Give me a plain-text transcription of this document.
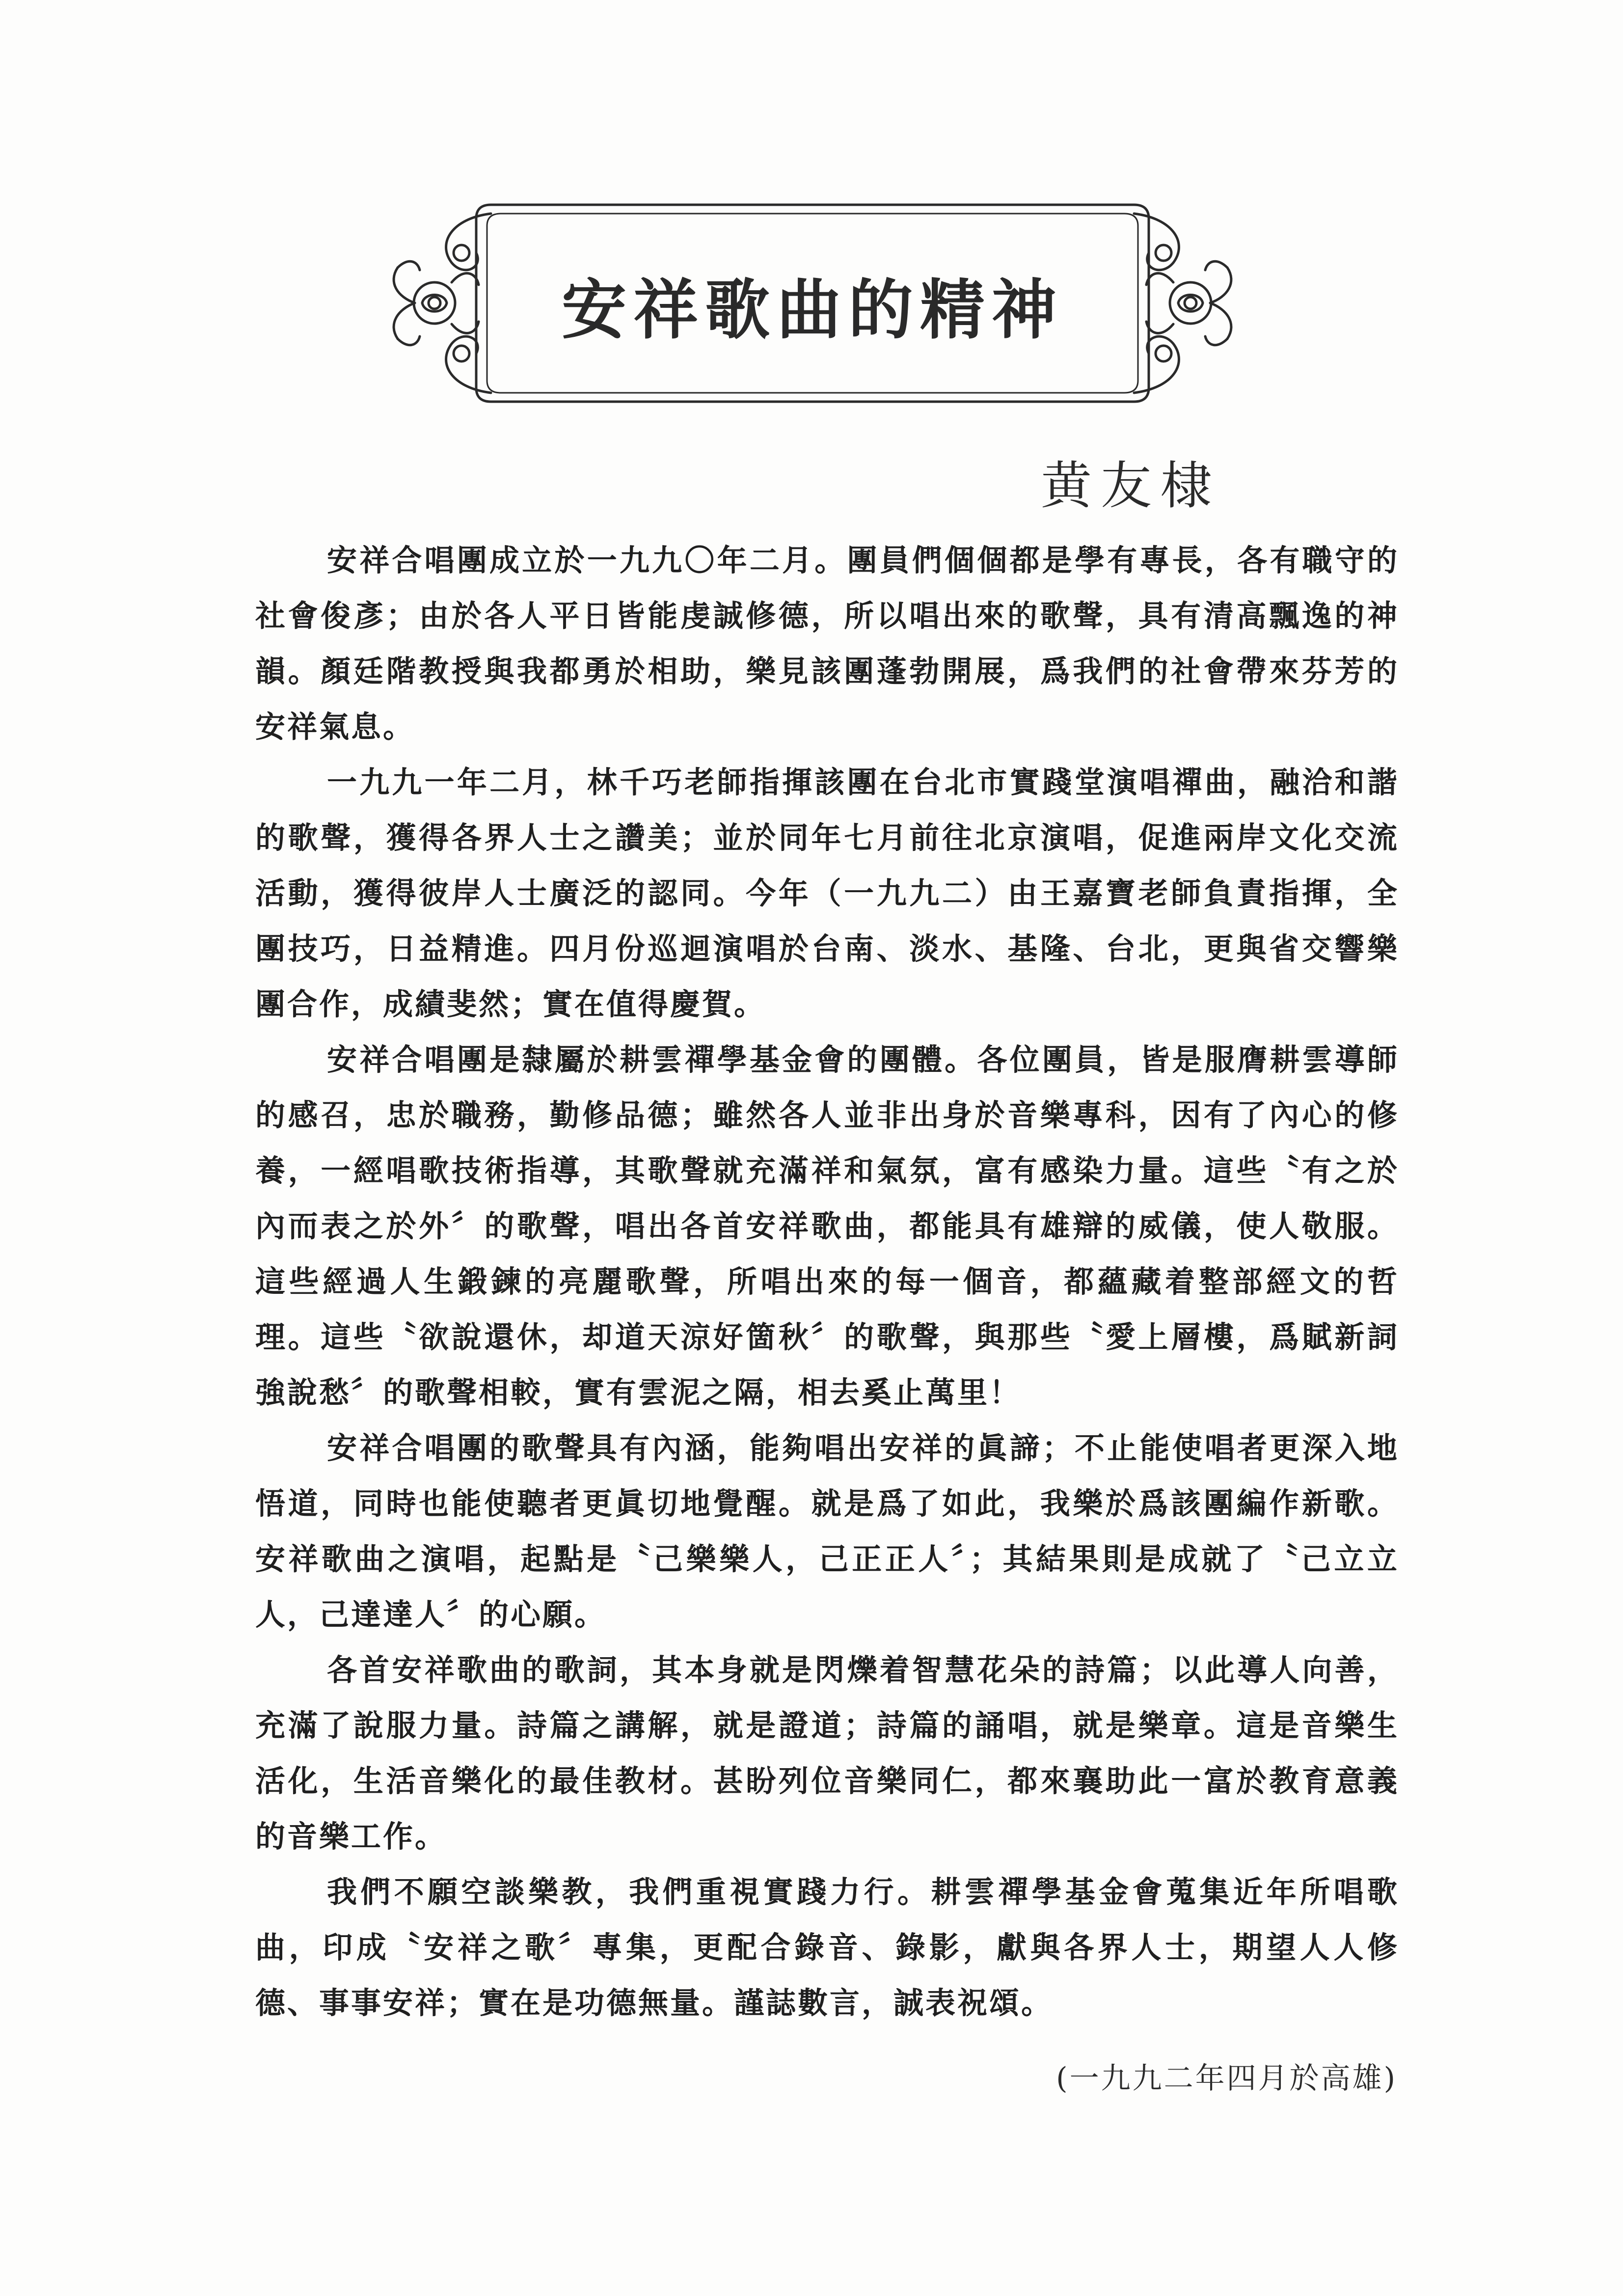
安祥歌曲的精神
黄友棣

安祥合唱團成立於一九九〇年二月。團員們個個都是學有專長，各有職守的社會俊彥；由於各人平日皆能虔誠修德，所以唱出來的歌聲，具有清高飄逸的神韻。顏廷階教授與我都勇於相助，樂見該團蓬勃開展，爲我們的社會帶來芬芳的安祥氣息。

一九九一年二月，林千巧老師指揮該團在台北市實踐堂演唱禪曲，融洽和諧的歌聲，獲得各界人士之讚美；並於同年七月前往北京演唱，促進兩岸文化交流活動，獲得彼岸人士廣泛的認同。今年（一九九二）由王嘉寶老師負責指揮，全團技巧，日益精進。四月份巡迴演唱於台南、淡水、基隆、台北，更與省交響樂團合作，成績斐然；實在值得慶賀。

安祥合唱團是隸屬於耕雲禪學基金會的團體。各位團員，皆是服膺耕雲導師的感召，忠於職務，勤修品德；雖然各人並非出身於音樂專科，因有了內心的修養，一經唱歌技術指導，其歌聲就充滿祥和氣氛，富有感染力量。這些〝有之於內而表之於外〞的歌聲，唱出各首安祥歌曲，都能具有雄辯的威儀，使人敬服。這些經過人生鍛鍊的亮麗歌聲，所唱出來的每一個音，都蘊藏着整部經文的哲理。這些〝欲說還休，却道天涼好箇秋〞的歌聲，與那些〝愛上層樓，爲賦新詞強說愁〞的歌聲相較，實有雲泥之隔，相去奚止萬里！

安祥合唱團的歌聲具有內涵，能夠唱出安祥的眞諦；不止能使唱者更深入地悟道，同時也能使聽者更眞切地覺醒。就是爲了如此，我樂於爲該團編作新歌。安祥歌曲之演唱，起點是〝己樂樂人，己正正人〞；其結果則是成就了〝己立立人，己達達人〞的心願。

各首安祥歌曲的歌詞，其本身就是閃爍着智慧花朵的詩篇；以此導人向善，充滿了說服力量。詩篇之講解，就是證道；詩篇的誦唱，就是樂章。這是音樂生活化，生活音樂化的最佳教材。甚盼列位音樂同仁，都來襄助此一富於教育意義的音樂工作。

我們不願空談樂教，我們重視實踐力行。耕雲禪學基金會蒐集近年所唱歌曲，印成〝安祥之歌〞專集，更配合錄音、錄影，獻與各界人士，期望人人修德、事事安祥；實在是功德無量。謹誌數言，誠表祝頌。

(一九九二年四月於高雄)
